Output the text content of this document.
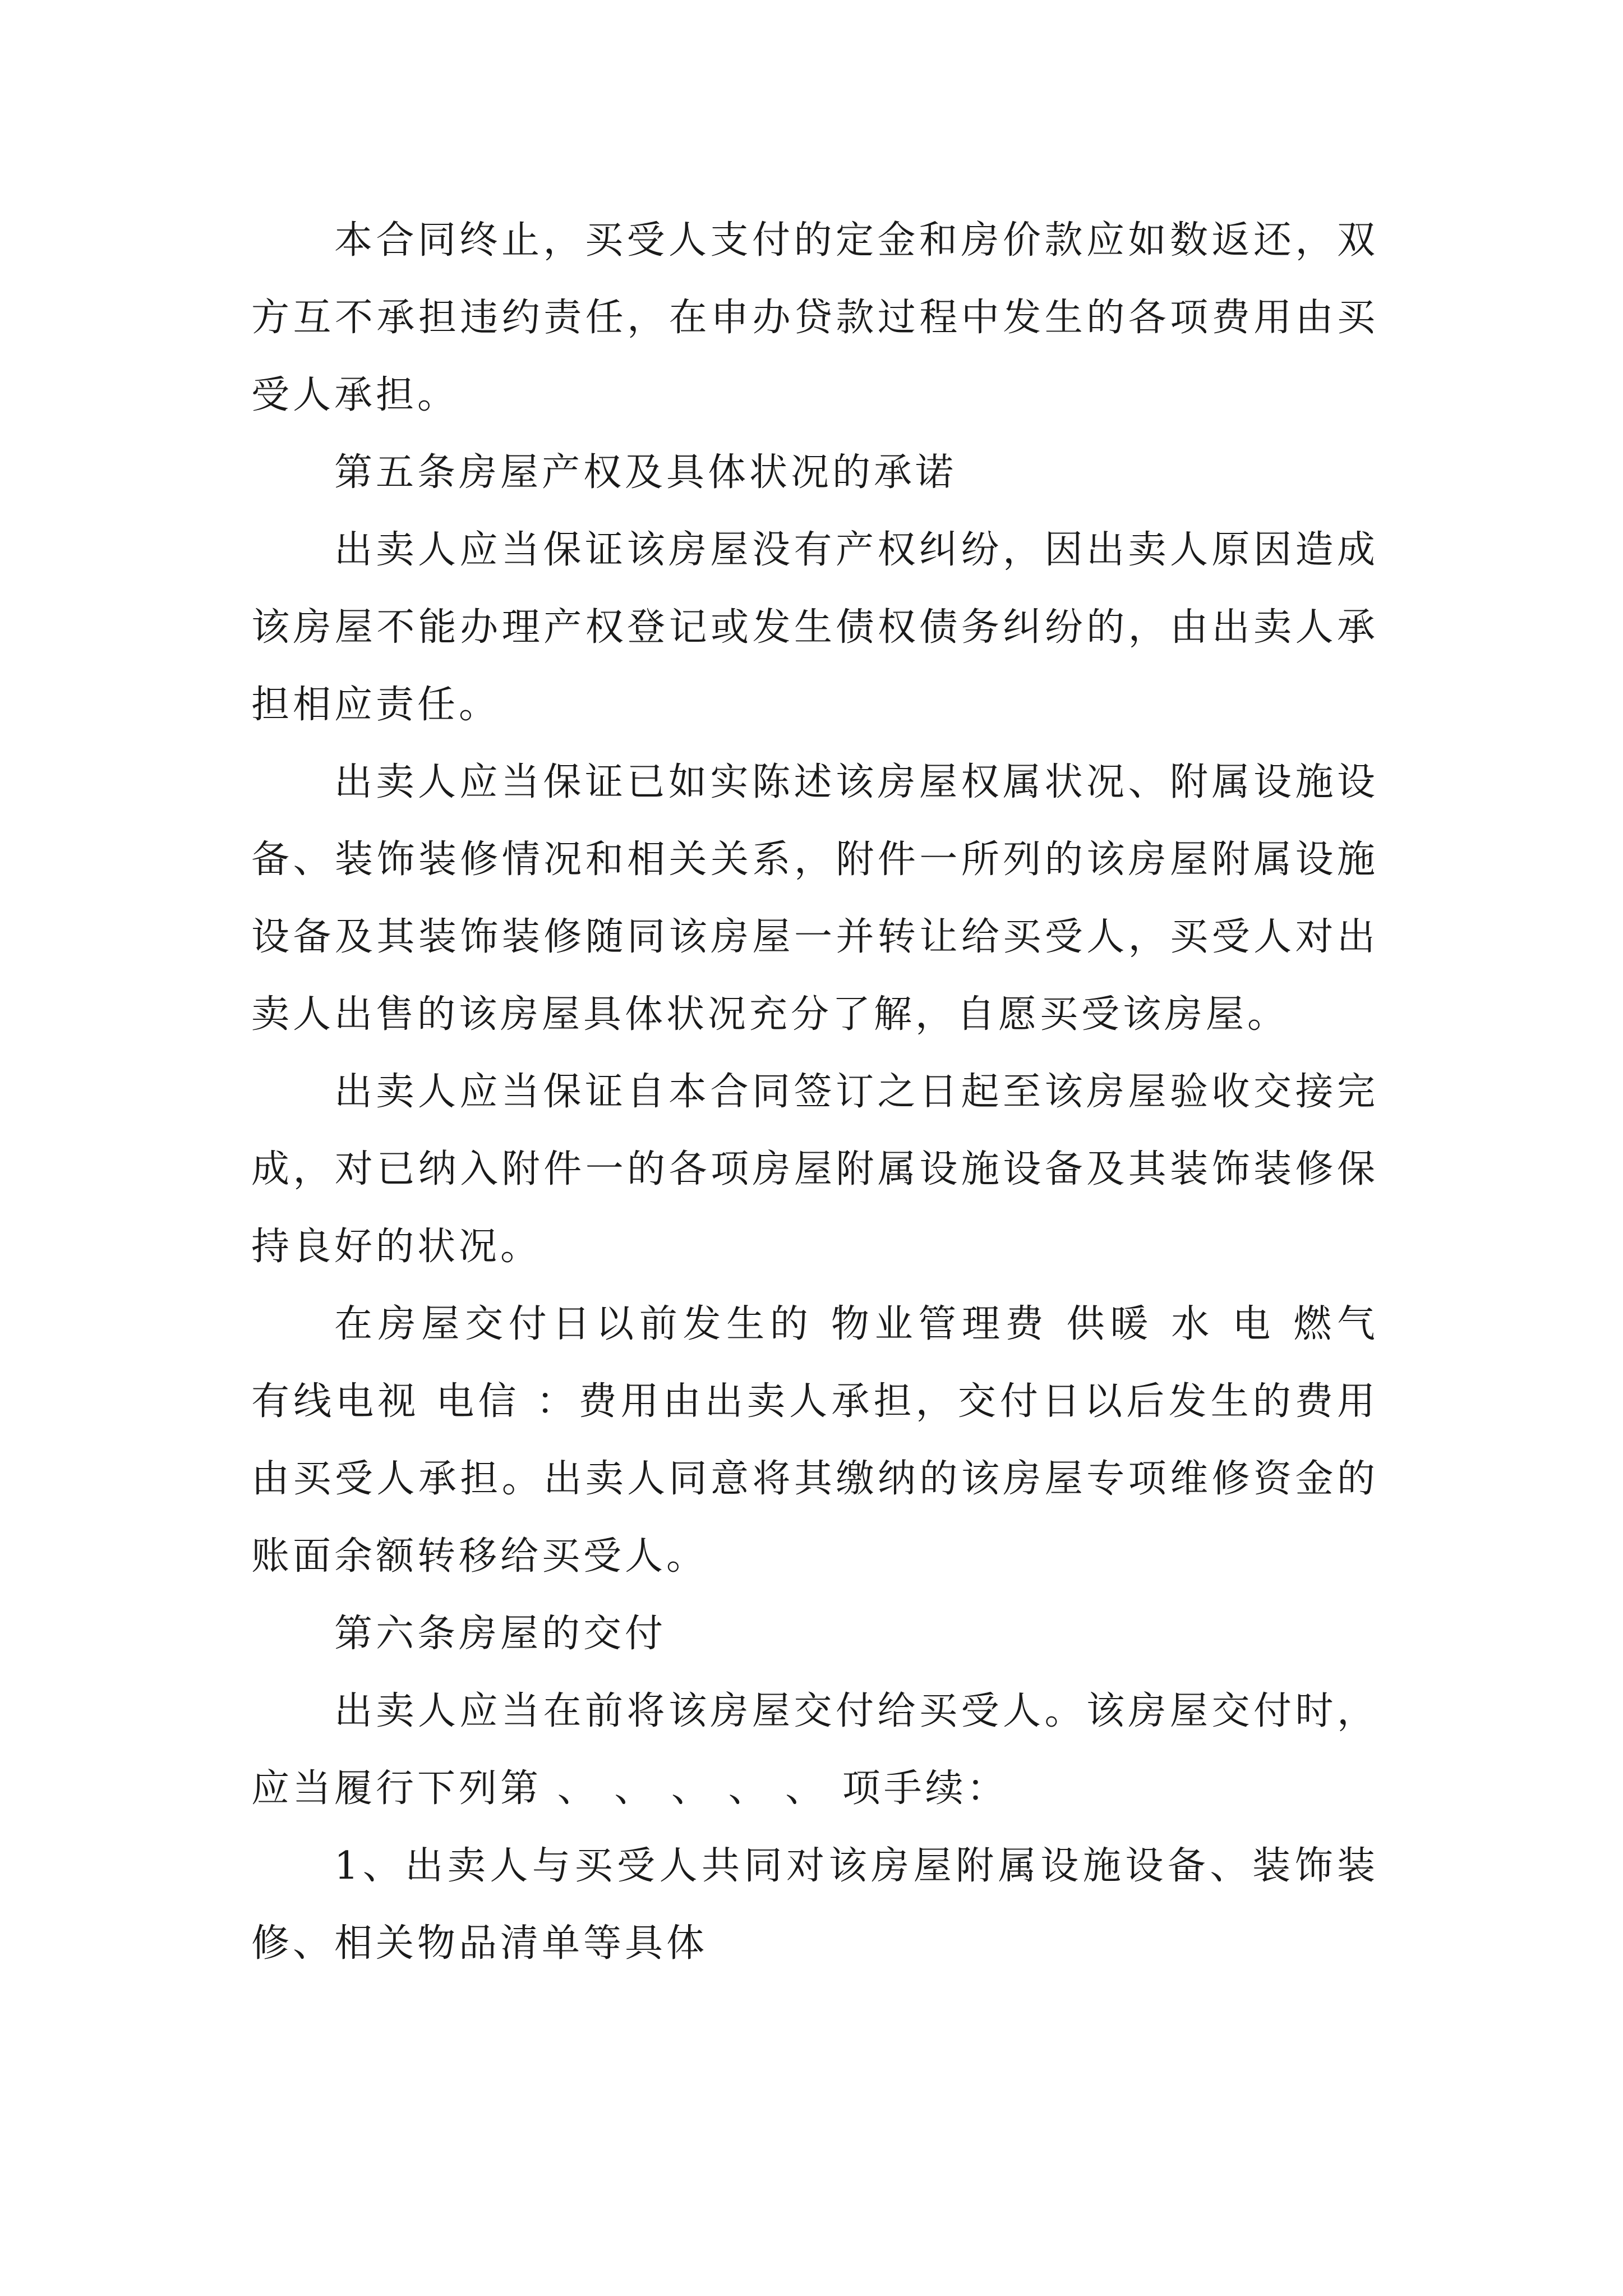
本合同终止，买受人支付的定金和房价款应如数返还，双方互不承担违约责任，在申办贷款过程中发生的各项费用由买受人承担。

第五条房屋产权及具体状况的承诺

出卖人应当保证该房屋没有产权纠纷，因出卖人原因造成该房屋不能办理产权登记或发生债权债务纠纷的，由出卖人承担相应责任。

出卖人应当保证已如实陈述该房屋权属状况、附属设施设备、装饰装修情况和相关关系，附件一所列的该房屋附属设施设备及其装饰装修随同该房屋一并转让给买受人，买受人对出卖人出售的该房屋具体状况充分了解，自愿买受该房屋。

出卖人应当保证自本合同签订之日起至该房屋验收交接完成，对已纳入附件一的各项房屋附属设施设备及其装饰装修保持良好的状况。

在房屋交付日以前发生的 物业管理费 供暖 水 电 燃气 有线电视 电信 ：费用由出卖人承担，交付日以后发生的费用由买受人承担。出卖人同意将其缴纳的该房屋专项维修资金的账面余额转移给买受人。

第六条房屋的交付

出卖人应当在前将该房屋交付给买受人。该房屋交付时，应当履行下列第 、 、 、 、 、 项手续：

1、出卖人与买受人共同对该房屋附属设施设备、装饰装修、相关物品清单等具体
